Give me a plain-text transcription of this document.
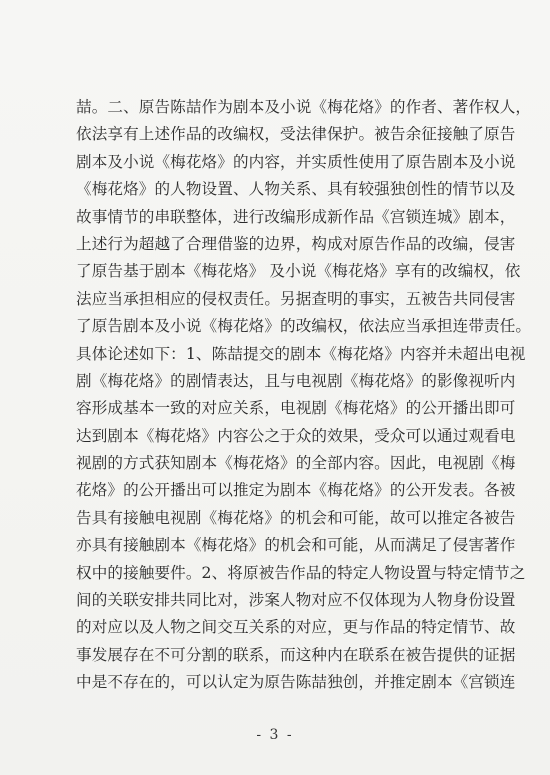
喆。二、原告陈喆作为剧本及小说《梅花烙》的作者、著作权人，
依法享有上述作品的改编权，受法律保护。被告余征接触了原告
剧本及小说《梅花烙》的内容，并实质性使用了原告剧本及小说
《梅花烙》的人物设置、人物关系、具有较强独创性的情节以及
故事情节的串联整体，进行改编形成新作品《宫锁连城》剧本，
上述行为超越了合理借鉴的边界，构成对原告作品的改编，侵害
了原告基于剧本《梅花烙》 及小说《梅花烙》享有的改编权，依
法应当承担相应的侵权责任。另据查明的事实，五被告共同侵害
了原告剧本及小说《梅花烙》的改编权，依法应当承担连带责任。
具体论述如下：1、陈喆提交的剧本《梅花烙》内容并未超出电视
剧《梅花烙》的剧情表达，且与电视剧《梅花烙》的影像视听内
容形成基本一致的对应关系，电视剧《梅花烙》的公开播出即可
达到剧本《梅花烙》内容公之于众的效果，受众可以通过观看电
视剧的方式获知剧本《梅花烙》的全部内容。因此，电视剧《梅
花烙》的公开播出可以推定为剧本《梅花烙》的公开发表。各被
告具有接触电视剧《梅花烙》的机会和可能，故可以推定各被告
亦具有接触剧本《梅花烙》的机会和可能，从而满足了侵害著作
权中的接触要件。2、将原被告作品的特定人物设置与特定情节之
间的关联安排共同比对，涉案人物对应不仅体现为人物身份设置
的对应以及人物之间交互关系的对应，更与作品的特定情节、故
事发展存在不可分割的联系，而这种内在联系在被告提供的证据
中是不存在的，可以认定为原告陈喆独创，并推定剧本《宫锁连
- 3 -
